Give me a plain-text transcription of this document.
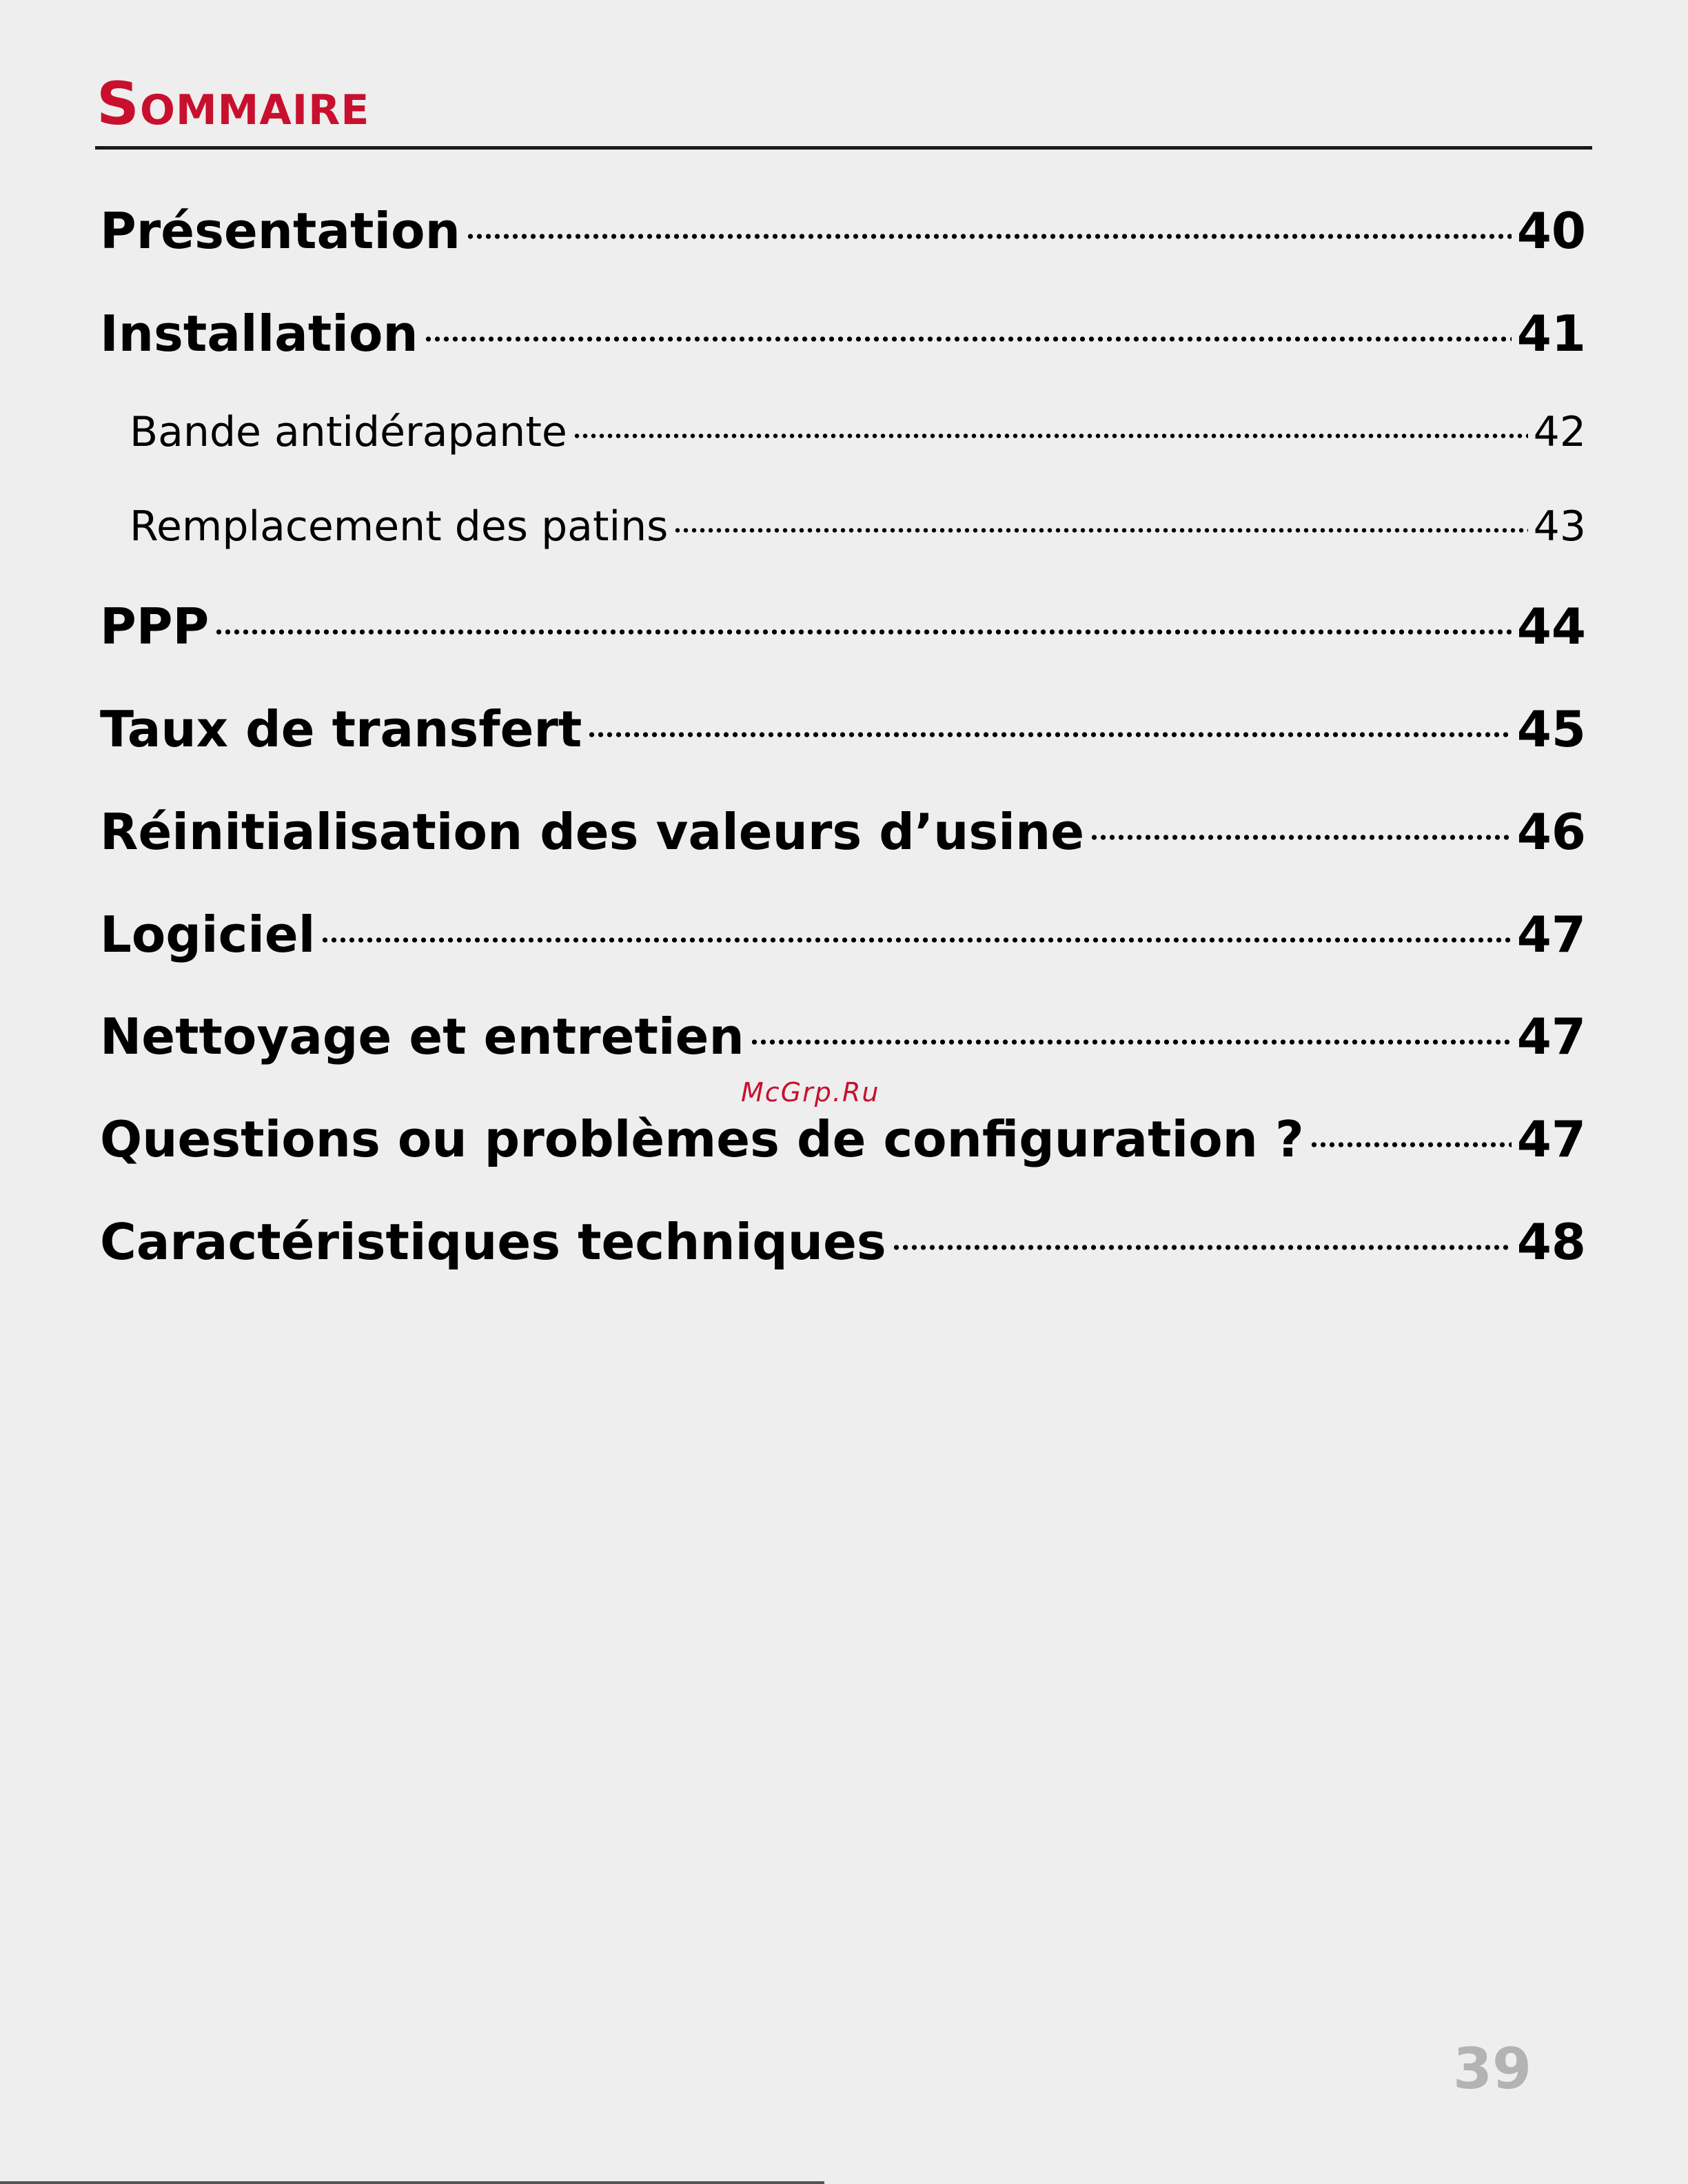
Sommaire
Présentation	40
Installation	41
Bande antidérapante	42
Remplacement des patins	43
PPP	44
Taux de transfert	45
Réinitialisation des valeurs d’usine	46
Logiciel	47
Nettoyage et entretien	47
Questions ou problèmes de configuration ?	47
Caractéristiques techniques	48
McGrp.Ru
39
